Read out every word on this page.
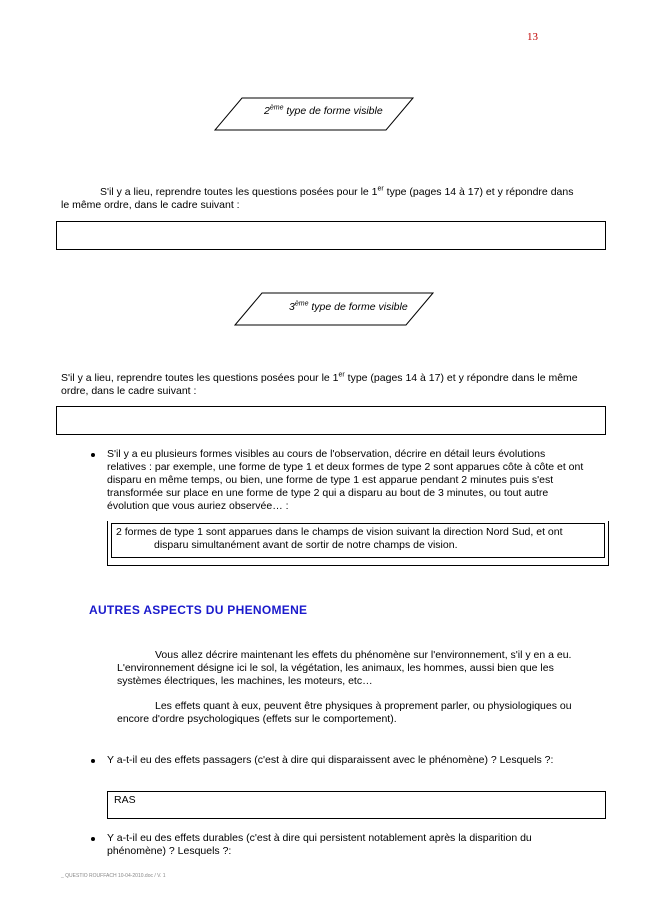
13
2ème type de forme visible
S'il y a lieu, reprendre toutes les questions posées pour le 1er type (pages 14 à 17) et y répondre dans
le même ordre, dans le cadre suivant :
3ème type de forme visible
S'il y a lieu, reprendre toutes les questions posées pour le 1er type (pages 14 à 17) et y répondre dans le même
ordre, dans le cadre suivant :
S'il y a eu plusieurs formes visibles au cours de l'observation, décrire en détail leurs évolutions
relatives : par exemple, une forme de type 1 et deux formes de type 2 sont apparues côte à côte et ont
disparu en même temps, ou bien, une forme de type 1 est apparue pendant 2 minutes puis s'est
transformée sur place en une forme de type 2 qui a disparu au bout de 3 minutes, ou tout autre
évolution que vous auriez observée… :
2 formes de type 1 sont apparues dans le champs de vision suivant la direction Nord Sud, et ont
disparu simultanément avant de sortir de notre champs de vision.
AUTRES ASPECTS DU PHENOMENE
Vous allez décrire maintenant les effets du phénomène sur l'environnement, s'il y en a eu.
L'environnement désigne ici le sol, la végétation, les animaux, les hommes, aussi bien que les
systèmes électriques, les machines, les moteurs, etc…
Les effets quant à eux, peuvent être physiques à proprement parler, ou physiologiques ou
encore d'ordre psychologiques (effets sur le comportement).
Y a-t-il eu des effets passagers (c'est à dire qui disparaissent avec le phénomène) ? Lesquels ?:
RAS
Y a-t-il eu des effets durables (c'est à dire qui persistent notablement après la disparition du
phénomène) ? Lesquels ?:
_ QUESTIO ROUFFACH 10-04-2010.doc / V. 1
